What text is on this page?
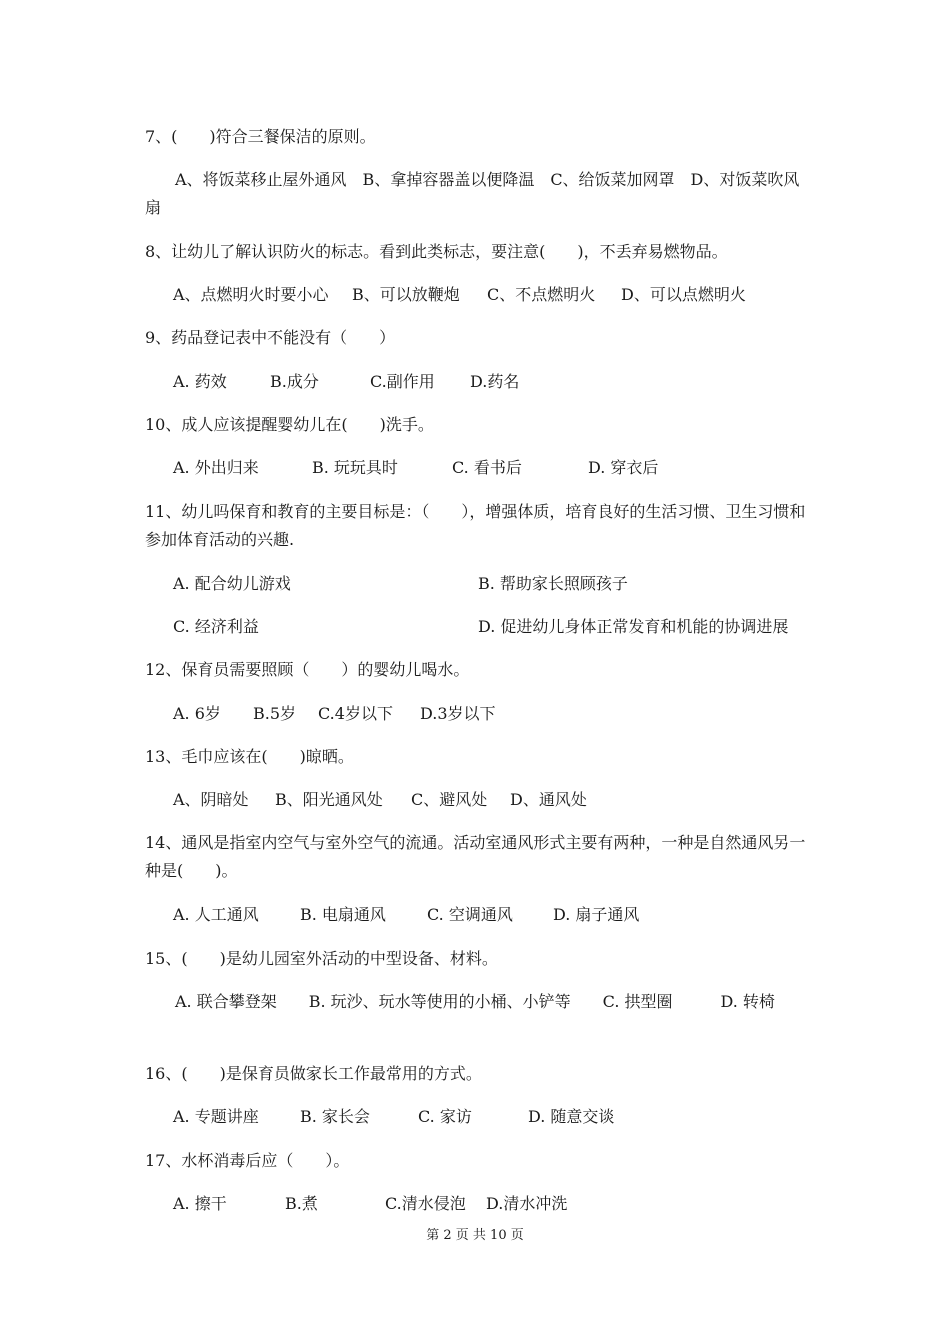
7、(　　)符合三餐保洁的原则。
A、将饭菜移止屋外通风　B、拿掉容器盖以便降温　C、给饭菜加网罩　D、对饭菜吹风扇
8、让幼儿了解认识防火的标志。看到此类标志，要注意(　　)，不丢弃易燃物品。
A、点燃明火时要小心 B、可以放鞭炮 C、不点燃明火 D、可以点燃明火
9、药品登记表中不能没有（　　）
A. 药效	B.成分	C.副作用 D.药名
10、成人应该提醒婴幼儿在(　　)洗手。
A. 外出归来	B. 玩玩具时	C. 看书后	D. 穿衣后
11、幼儿吗保育和教育的主要目标是：（　　），增强体质，培育良好的生活习惯、卫生习惯和参加体育活动的兴趣.
A. 配合幼儿游戏	B. 帮助家长照顾孩子
C. 经济利益	D. 促进幼儿身体正常发育和机能的协调进展
12、保育员需要照顾（　　）的婴幼儿喝水。
A. 6岁 B.5岁 C.4岁以下 D.3岁以下
13、毛巾应该在(　　)晾晒。
A、阴暗处 B、阳光通风处 C、避风处 D、通风处
14、通风是指室内空气与室外空气的流通。活动室通风形式主要有两种，一种是自然通风另一种是(　　)。
A. 人工通风	B. 电扇通风	C. 空调通风	D. 扇子通风
15、(　　)是幼儿园室外活动的中型设备、材料。
A. 联合攀登架　　B. 玩沙、玩水等使用的小桶、小铲等　　C. 拱型圈　　　D. 转椅
16、(　　)是保育员做家长工作最常用的方式。
A. 专题讲座	B. 家长会	C. 家访	D. 随意交谈
17、水杯消毒后应（　　）。
A. 擦干	B.煮	C.清水侵泡 D.清水冲洗
第 2 页 共 10 页
